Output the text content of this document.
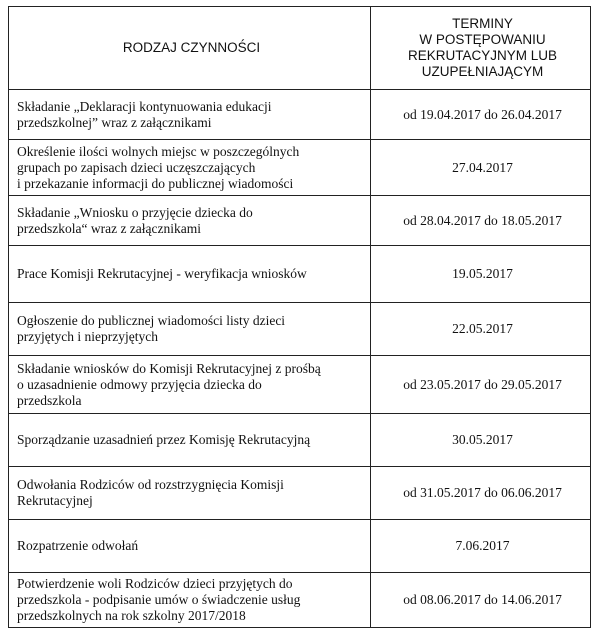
RODZAJ CZYNNOŚCI	TERMINY
W POSTĘPOWANIU
REKRUTACYJNYM LUB
UZUPEŁNIAJĄCYM

Składanie „Deklaracji kontynuowania edukacji
przedszkolnej” wraz z załącznikami	od 19.04.2017 do 26.04.2017

Określenie ilości wolnych miejsc w poszczególnych
grupach po zapisach dzieci uczęszczających
i przekazanie informacji do publicznej wiadomości	27.04.2017

Składanie „Wniosku o przyjęcie dziecka do
przedszkola“ wraz z załącznikami	od 28.04.2017 do 18.05.2017

Prace Komisji Rekrutacyjnej - weryfikacja wniosków	19.05.2017

Ogłoszenie do publicznej wiadomości listy dzieci
przyjętych i nieprzyjętych	22.05.2017

Składanie wniosków do Komisji Rekrutacyjnej z prośbą
o uzasadnienie odmowy przyjęcia dziecka do
przedszkola	od 23.05.2017 do 29.05.2017

Sporządzanie uzasadnień przez Komisję Rekrutacyjną	30.05.2017

Odwołania Rodziców od rozstrzygnięcia Komisji
Rekrutacyjnej	od 31.05.2017 do 06.06.2017

Rozpatrzenie odwołań	7.06.2017

Potwierdzenie woli Rodziców dzieci przyjętych do
przedszkola - podpisanie umów o świadczenie usług
przedszkolnych na rok szkolny 2017/2018	od 08.06.2017 do 14.06.2017
